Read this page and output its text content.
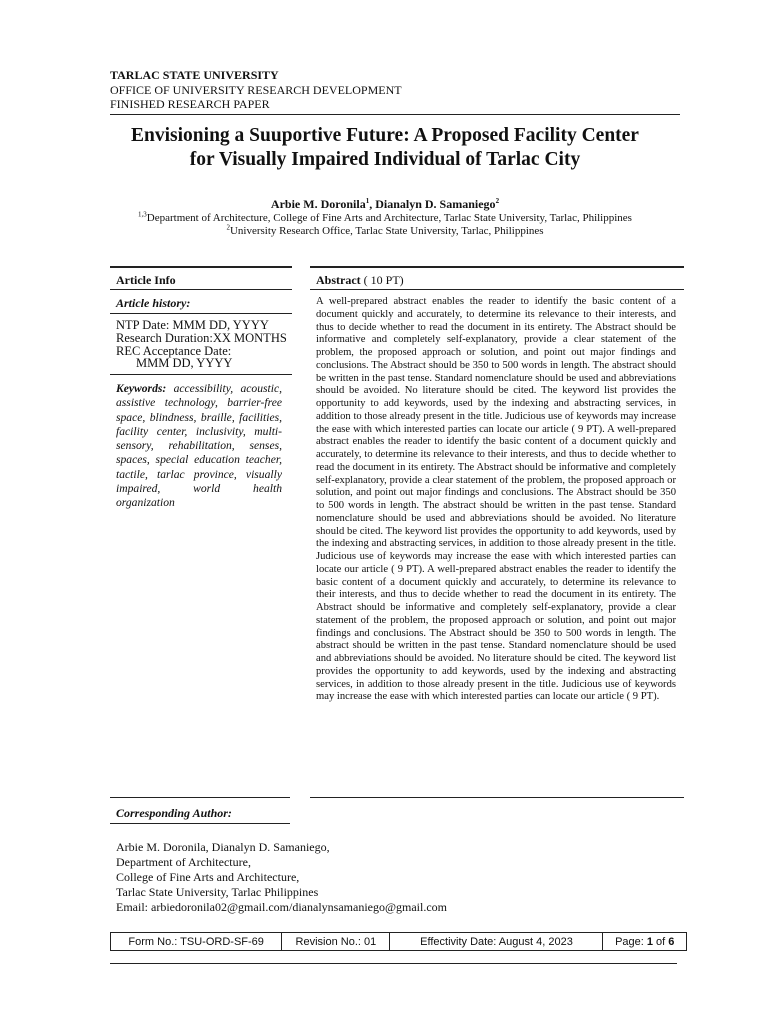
TARLAC STATE UNIVERSITY
OFFICE OF UNIVERSITY RESEARCH DEVELOPMENT
FINISHED RESEARCH PAPER
Envisioning a Suuportive Future: A Proposed Facility Center
for Visually Impaired Individual of Tarlac City
Arbie M. Doronila$^1$, Dianalyn D. Samaniego$^2$
$^{1,3}$Department of Architecture, College of Fine Arts and Architecture, Tarlac State University, Tarlac, Philippines
$^2$University Research Office, Tarlac State University, Tarlac, Philippines
Article Info	Abstract ( 10 PT)
Article history:
NTP Date: MMM DD, YYYY
Research Duration:XX MONTHS
REC Acceptance Date:
MMM DD, YYYY
Keywords: accessibility, acoustic, assistive technology, barrier-free space, blindness, braille, facilities, facility center, inclusivity, multi-sensory, rehabilitation, senses, spaces, special education teacher, tactile, tarlac province, visually impaired, world health organization
A well-prepared abstract enables the reader to identify the basic content of a document quickly and accurately, to determine its relevance to their interests, and thus to decide whether to read the document in its entirety. The Abstract should be informative and completely self-explanatory, provide a clear statement of the problem, the proposed approach or solution, and point out major findings and conclusions. The Abstract should be 350 to 500 words in length. The abstract should be written in the past tense. Standard nomenclature should be used and abbreviations should be avoided. No literature should be cited. The keyword list provides the opportunity to add keywords, used by the indexing and abstracting services, in addition to those already present in the title. Judicious use of keywords may increase the ease with which interested parties can locate our article ( 9 PT). A well-prepared abstract enables the reader to identify the basic content of a document quickly and accurately, to determine its relevance to their interests, and thus to decide whether to read the document in its entirety. The Abstract should be informative and completely self-explanatory, provide a clear statement of the problem, the proposed approach or solution, and point out major findings and conclusions. The Abstract should be 350 to 500 words in length. The abstract should be written in the past tense. Standard nomenclature should be used and abbreviations should be avoided. No literature should be cited. The keyword list provides the opportunity to add keywords, used by the indexing and abstracting services, in addition to those already present in the title. Judicious use of keywords may increase the ease with which interested parties can locate our article ( 9 PT). A well-prepared abstract enables the reader to identify the basic content of a document quickly and accurately, to determine its relevance to their interests, and thus to decide whether to read the document in its entirety. The Abstract should be informative and completely self-explanatory, provide a clear statement of the problem, the proposed approach or solution, and point out major findings and conclusions. The Abstract should be 350 to 500 words in length. The abstract should be written in the past tense. Standard nomenclature should be used and abbreviations should be avoided. No literature should be cited. The keyword list provides the opportunity to add keywords, used by the indexing and abstracting services, in addition to those already present in the title. Judicious use of keywords may increase the ease with which interested parties can locate our article ( 9 PT).
Corresponding Author:
Arbie M. Doronila, Dianalyn D. Samaniego,
Department of Architecture,
College of Fine Arts and Architecture,
Tarlac State University, Tarlac Philippines
Email: arbiedoronila02@gmail.com/dianalynsamaniego@gmail.com
Form No.: TSU-ORD-SF-69	Revision No.: 01	Effectivity Date: August 4, 2023	Page: 1 of 6
